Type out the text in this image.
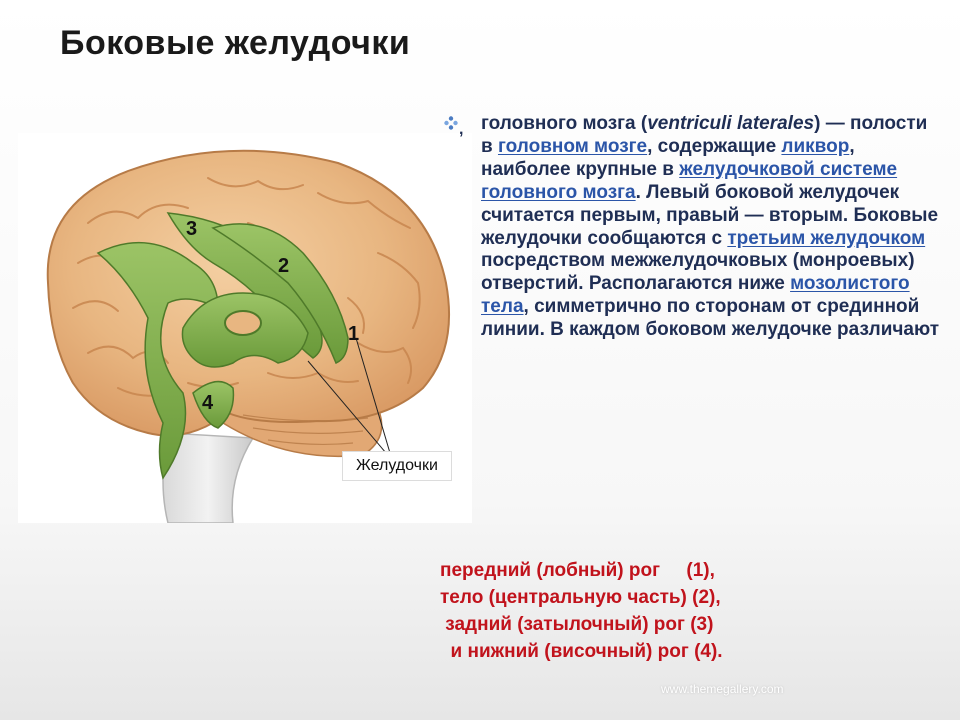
Боковые желудочки
3
2
1
4
Желудочки
, головного мозга (ventriculi laterales) — полости в головном мозге, содержащие ликвор, наиболее крупные в желудочковой системе головного мозга. Левый боковой желудочек считается первым, правый — вторым. Боковые желудочки сообщаются с третьим желудочком посредством межжелудочковых (монроевых) отверстий. Располагаются ниже мозолистого тела, симметрично по сторонам от срединной линии. В каждом боковом желудочке различают
передний (лобный) рог     (1),
тело (центральную часть) (2),
задний (затылочный) рог (3)
и нижний (височный) рог (4).
www.themegallery.com
